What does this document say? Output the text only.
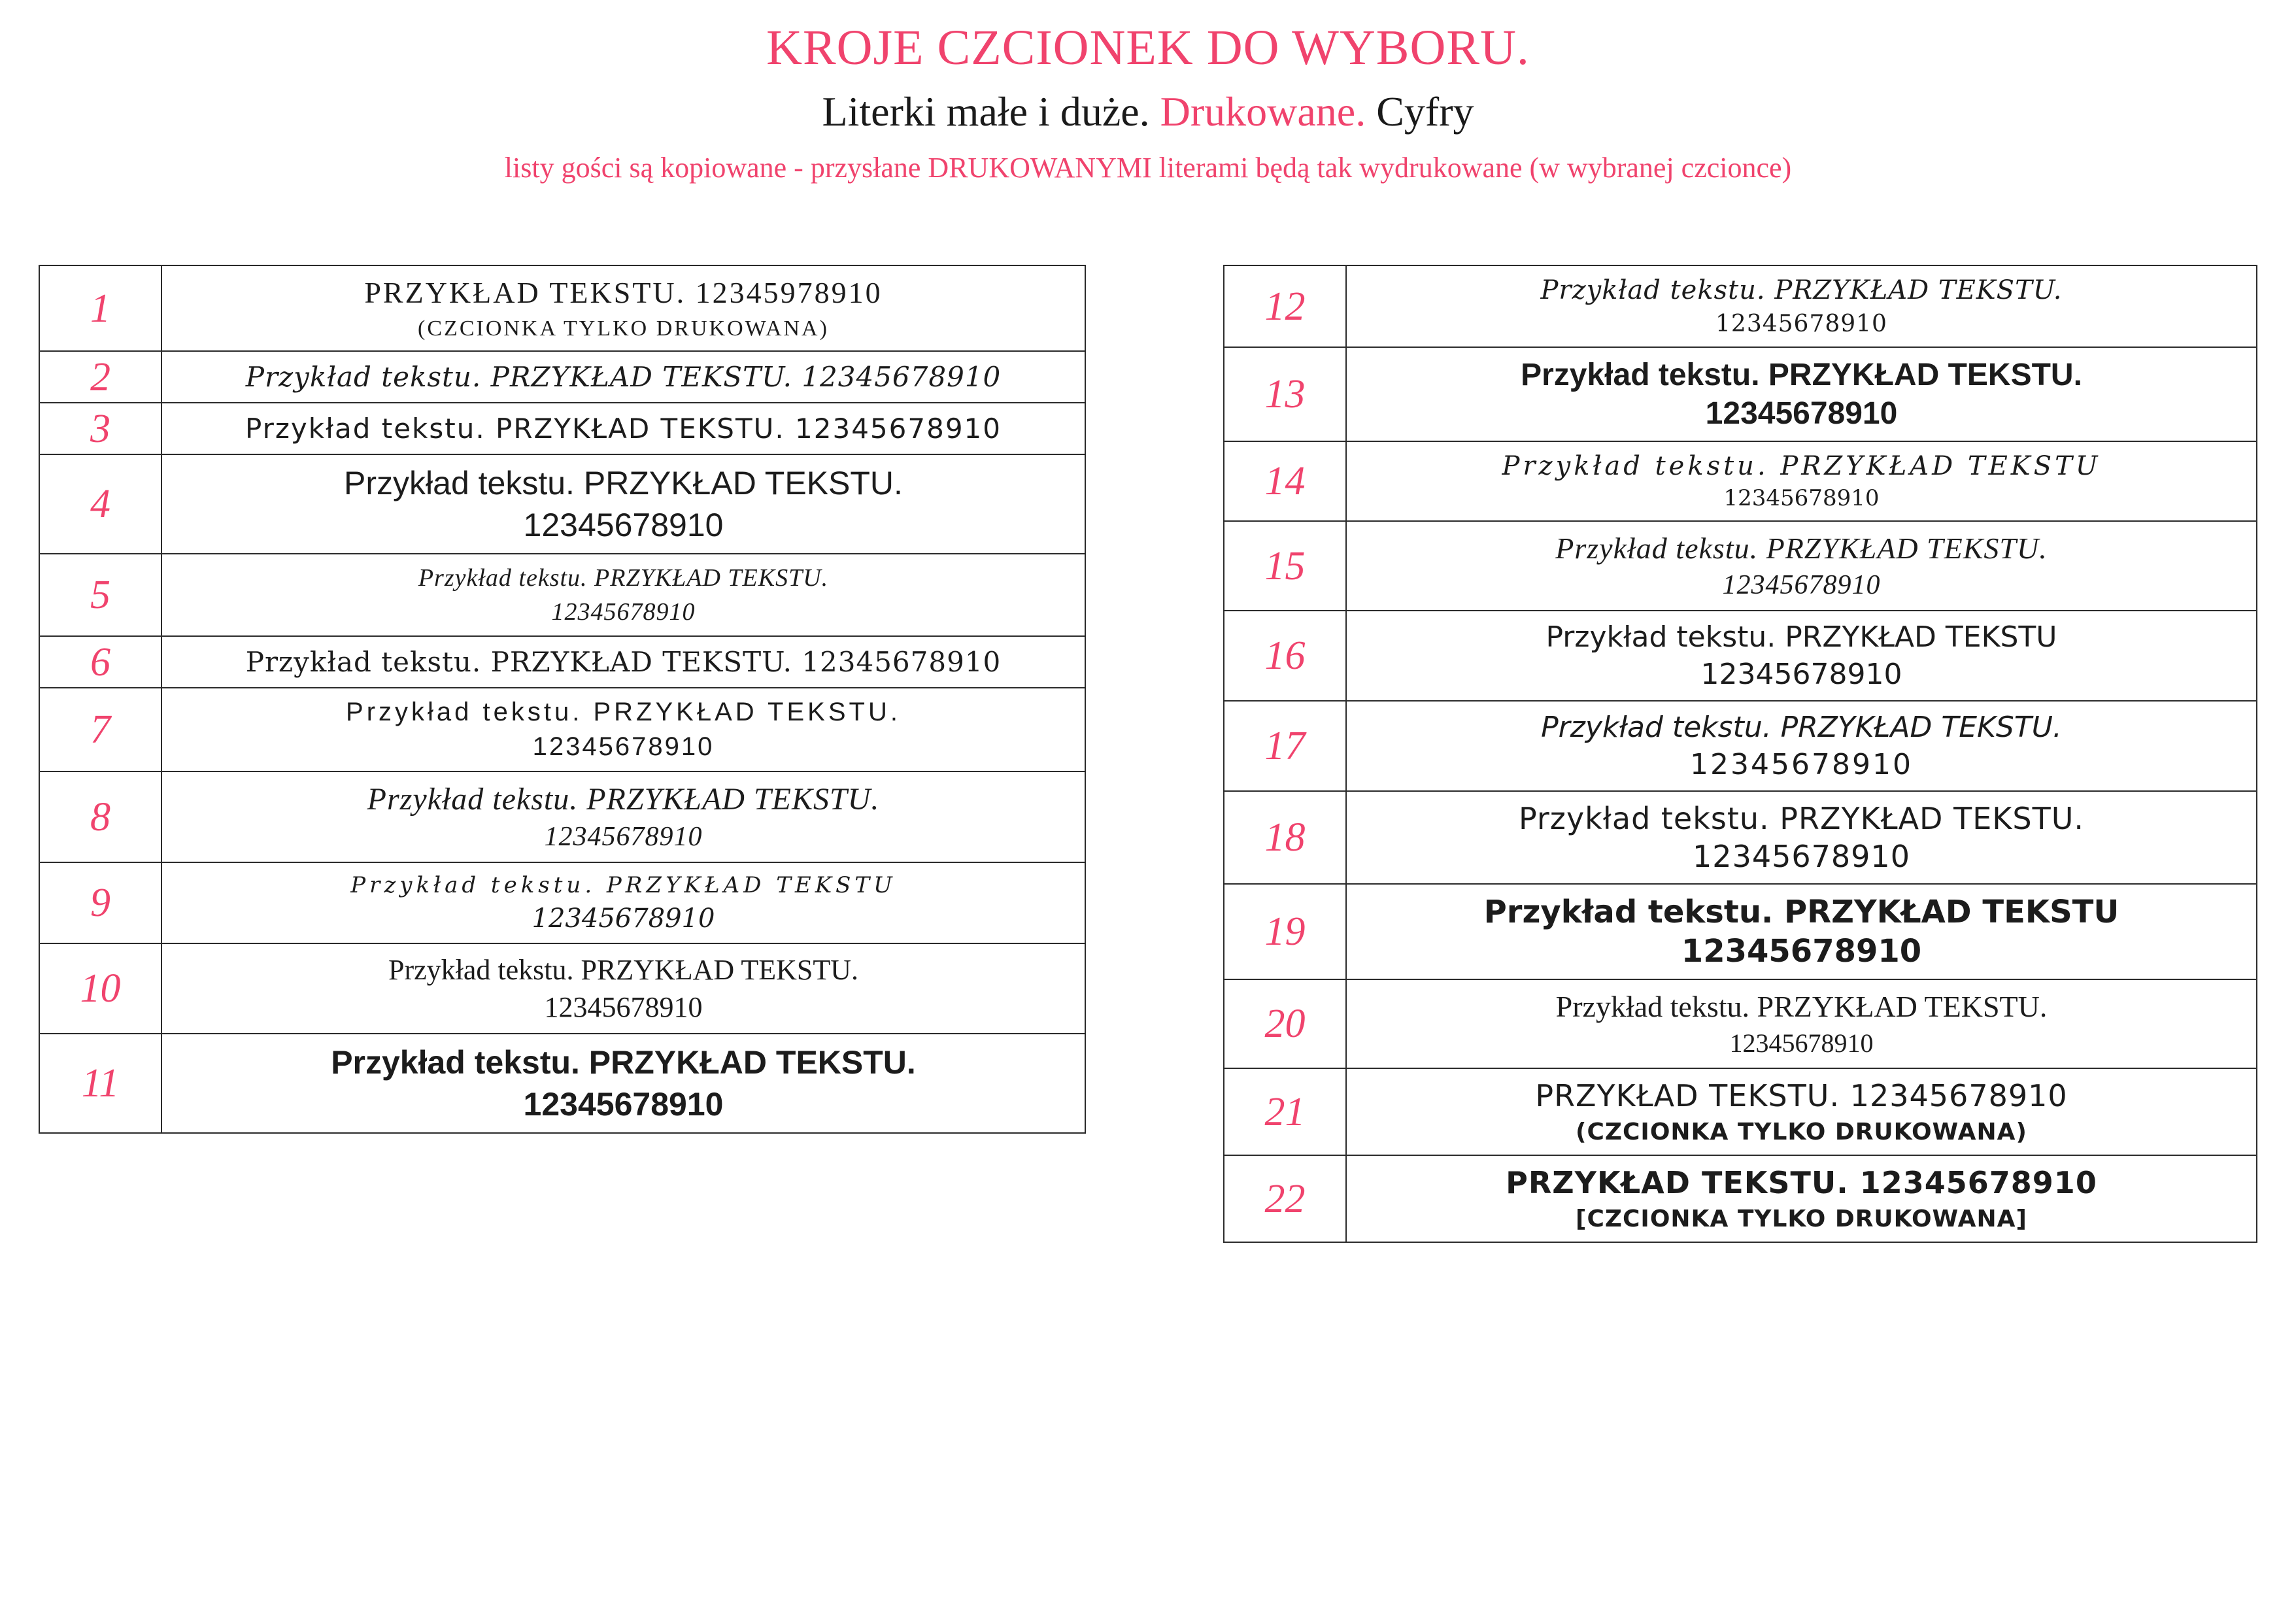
KROJE CZCIONEK DO WYBORU.

Literki małe i duże. Drukowane. Cyfry

listy gości są kopiowane - przysłane DRUKOWANYMI literami będą tak wydrukowane (w wybranej czcionce)

1	PRZYKŁAD TEKSTU. 12345978910
(CZCIONKA TYLKO DRUKOWANA)

2	Przykład tekstu. PRZYKŁAD TEKSTU. 12345678910

3	Przykład tekstu. PRZYKŁAD TEKSTU. 12345678910

4	Przykład tekstu. PRZYKŁAD TEKSTU.
12345678910

5	Przykład tekstu. PRZYKŁAD TEKSTU.
12345678910

6	Przykład tekstu. PRZYKŁAD TEKSTU. 12345678910

7	Przykład tekstu. PRZYKŁAD TEKSTU.
12345678910

8	Przykład tekstu. PRZYKŁAD TEKSTU.
12345678910

9	Przykład tekstu. PRZYKŁAD TEKSTU
12345678910

10	Przykład tekstu. PRZYKŁAD TEKSTU.
12345678910

11	Przykład tekstu. PRZYKŁAD TEKSTU.
12345678910
12	Przykład tekstu. PRZYKŁAD TEKSTU.
12345678910

13	Przykład tekstu. PRZYKŁAD TEKSTU.
12345678910

14	Przykład tekstu. PRZYKŁAD TEKSTU
12345678910

15	Przykład tekstu. PRZYKŁAD TEKSTU.
12345678910

16	Przykład tekstu. PRZYKŁAD TEKSTU
12345678910

17	Przykład tekstu. PRZYKŁAD TEKSTU.
12345678910

18	Przykład tekstu. PRZYKŁAD TEKSTU.
12345678910

19	Przykład tekstu. PRZYKŁAD TEKSTU
12345678910

20	Przykład tekstu. PRZYKŁAD TEKSTU.
12345678910

21	PRZYKŁAD TEKSTU. 12345678910
(CZCIONKA TYLKO DRUKOWANA)

22	PRZYKŁAD TEKSTU. 12345678910
[CZCIONKA TYLKO DRUKOWANA]
